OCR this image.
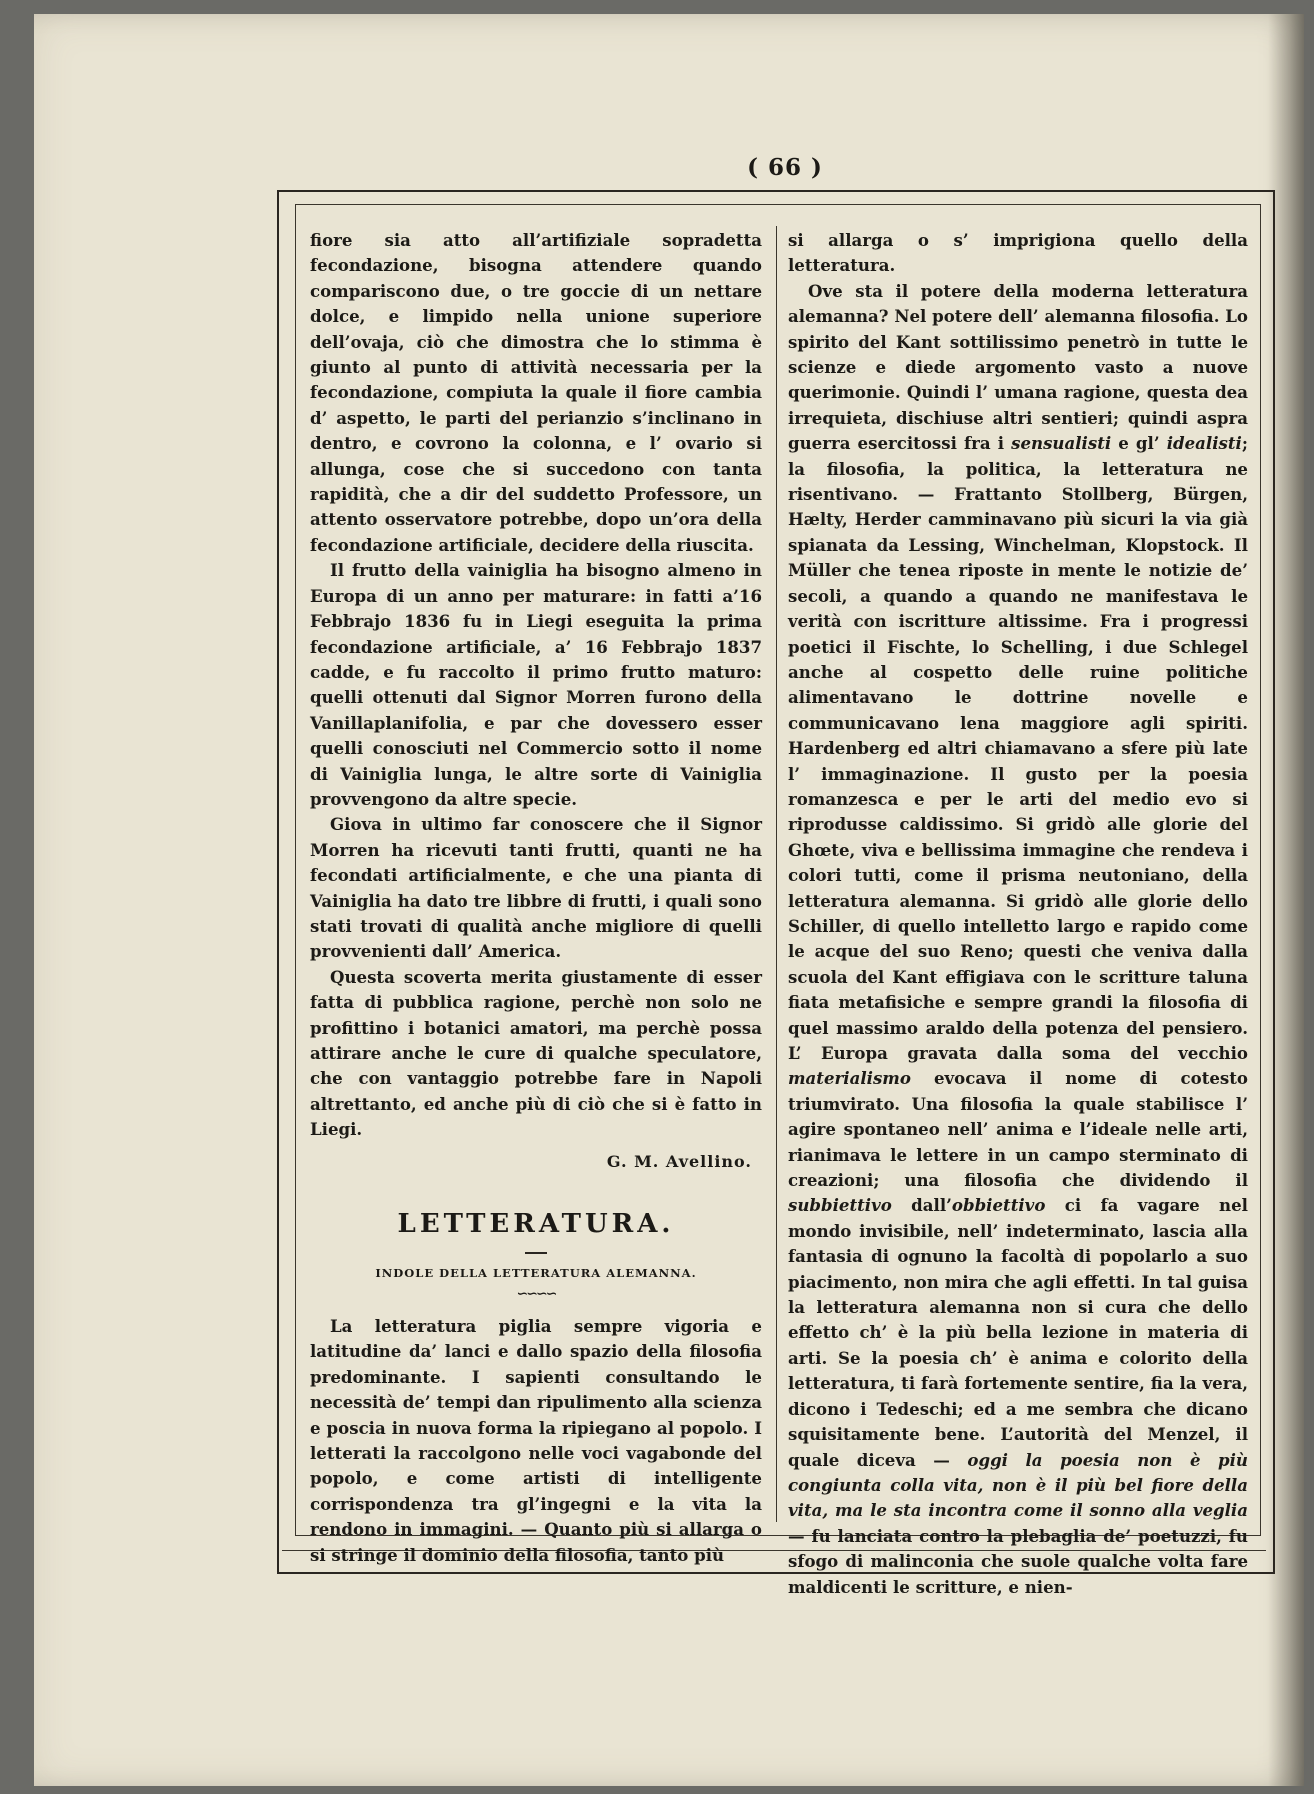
( 66 )

fiore sia atto all’artifiziale sopradetta fecondazione, bisogna attendere quando compariscono due, o tre goccie di un nettare dolce, e limpido nella unione superiore dell’ovaja, ciò che dimostra che lo stimma è giunto al punto di attività necessaria per la fecondazione, compiuta la quale il fiore cambia d’ aspetto, le parti del perianzio s’inclinano in dentro, e covrono la colonna, e l’ ovario si allunga, cose che si succedono con tanta rapidità, che a dir del suddetto Professore, un attento osservatore potrebbe, dopo un’ora della fecondazione artificiale, decidere della riuscita.

Il frutto della vainiglia ha bisogno almeno in Europa di un anno per maturare: in fatti a’16 Febbrajo 1836 fu in Liegi eseguita la prima fecondazione artificiale, a’ 16 Febbrajo 1837 cadde, e fu raccolto il primo frutto maturo: quelli ottenuti dal Signor Morren furono della Vanillaplanifolia, e par che dovessero esser quelli conosciuti nel Commercio sotto il nome di Vainiglia lunga, le altre sorte di Vainiglia provvengono da altre specie.

Giova in ultimo far conoscere che il Signor Morren ha ricevuti tanti frutti, quanti ne ha fecondati artificialmente, e che una pianta di Vainiglia ha dato tre libbre di frutti, i quali sono stati trovati di qualità anche migliore di quelli provvenienti dall’ America.

Questa scoverta merita giustamente di esser fatta di pubblica ragione, perchè non solo ne profittino i botanici amatori, ma perchè possa attirare anche le cure di qualche speculatore, che con vantaggio potrebbe fare in Napoli altrettanto, ed anche più di ciò che si è fatto in Liegi.

G. M. Avellino.
LETTERATURA.
INDOLE DELLA LETTERATURA ALEMANNA.
∽∽∽∽

La letteratura piglia sempre vigoria e latitudine da’ lanci e dallo spazio della filosofia predominante. I sapienti consultando le necessità de’ tempi dan ripulimento alla scienza e poscia in nuova forma la ripiegano al popolo. I letterati la raccolgono nelle voci vagabonde del popolo, e come artisti di intelligente corrispondenza tra gl’ingegni e la vita la rendono in immagini. — Quanto più si allarga o si stringe il dominio della filosofia, tanto più

si allarga o s’ imprigiona quello della letteratura.

Ove sta il potere della moderna letteratura alemanna? Nel potere dell’ alemanna filosofia. Lo spirito del Kant sottilissimo penetrò in tutte le scienze e diede argomento vasto a nuove querimonie. Quindi l’ umana ragione, questa dea irrequieta, dischiuse altri sentieri; quindi aspra guerra esercitossi fra i sensualisti e gl’ idealisti; la filosofia, la politica, la letteratura ne risentivano. — Frattanto Stollberg, Bürgen, Hælty, Herder camminavano più sicuri la via già spianata da Lessing, Winchelman, Klopstock. Il Müller che tenea riposte in mente le notizie de’ secoli, a quando a quando ne manifestava le verità con iscritture altissime. Fra i progressi poetici il Fischte, lo Schelling, i due Schlegel anche al cospetto delle ruine politiche alimentavano le dottrine novelle e communicavano lena maggiore agli spiriti. Hardenberg ed altri chiamavano a sfere più late l’ immaginazione. Il gusto per la poesia romanzesca e per le arti del medio evo si riprodusse caldissimo. Si gridò alle glorie del Ghœte, viva e bellissima immagine che rendeva i colori tutti, come il prisma neutoniano, della letteratura alemanna. Si gridò alle glorie dello Schiller, di quello intelletto largo e rapido come le acque del suo Reno; questi che veniva dalla scuola del Kant effigiava con le scritture taluna fiata metafisiche e sempre grandi la filosofia di quel massimo araldo della potenza del pensiero. L’ Europa gravata dalla soma del vecchio materialismo evocava il nome di cotesto triumvirato. Una filosofia la quale stabilisce l’ agire spontaneo nell’ anima e l’ideale nelle arti, rianimava le lettere in un campo sterminato di creazioni; una filosofia che dividendo il subbiettivo dall’obbiettivo ci fa vagare nel mondo invisibile, nell’ indeterminato, lascia alla fantasia di ognuno la facoltà di popolarlo a suo piacimento, non mira che agli effetti. In tal guisa la letteratura alemanna non si cura che dello effetto ch’ è la più bella lezione in materia di arti. Se la poesia ch’ è anima e colorito della letteratura, ti farà fortemente sentire, fia la vera, dicono i Tedeschi; ed a me sembra che dicano squisitamente bene. L’autorità del Menzel, il quale diceva — oggi la poesia non è più congiunta colla vita, non è il più bel fiore della vita, ma le sta incontra come il sonno alla veglia — fu lanciata contro la plebaglia de’ poetuzzi, fu sfogo di malinconia che suole qualche volta fare maldicenti le scritture, e nien-
